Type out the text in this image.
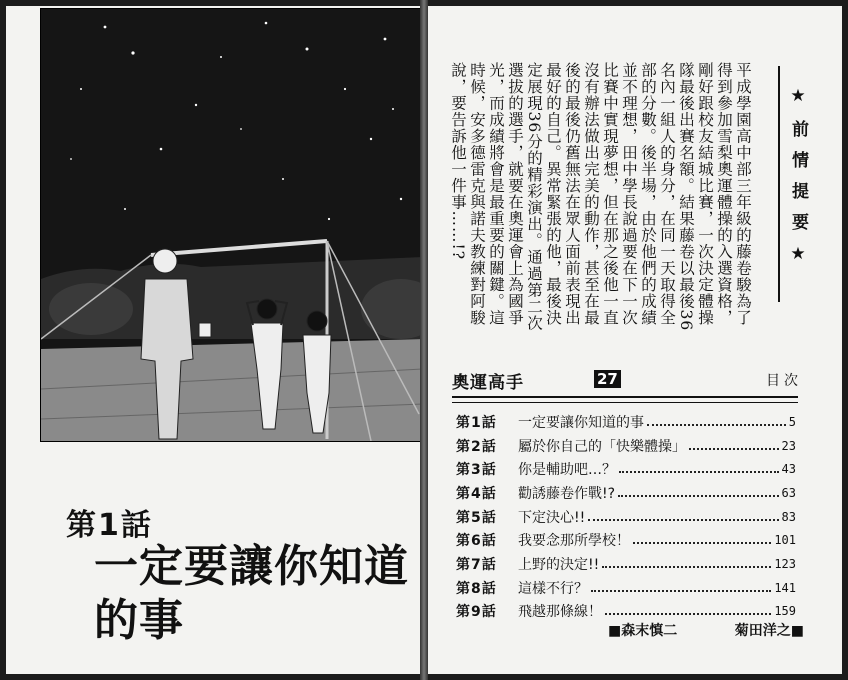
第1話
一定要讓你知道的事
平成學園高中部三年級的藤卷駿為了得到參加雪梨奧運體操的入選資格，剛好跟校友結城比賽，一次決定體操隊最後出賽名額。結果藤卷以最後36名內一組人的身分，在同一天取得全部的分數。後半場，由於他們的成績並不理想，田中學長說過要在下一次比賽中實現夢想，但在那之後他一直沒有辦法做出完美的動作，甚至在最後的最後仍舊無法在眾人面前表現出最好的自己。異常緊張的他，最後決定展現36分的精彩演出。通過第二次選拔的選手，就要在奧運會上為國爭光，而成績將會是最重要的關鍵。這時候，安多德雷克與諾夫教練對阿駿說，要告訴他一件事……!?	★前情提要★
奧運高手	27	目次
第1話	一定要讓你知道的事	5
第2話	屬於你自己的「快樂體操」	23
第3話	你是輔助吧…？	43
第4話	勸誘藤卷作戰!?	63
第5話	下定決心!!	83
第6話	我要念那所學校！	101
第7話	上野的決定!!	123
第8話	這樣不行？	141
第9話	飛越那條線！	159
■森末慎二	菊田洋之■
